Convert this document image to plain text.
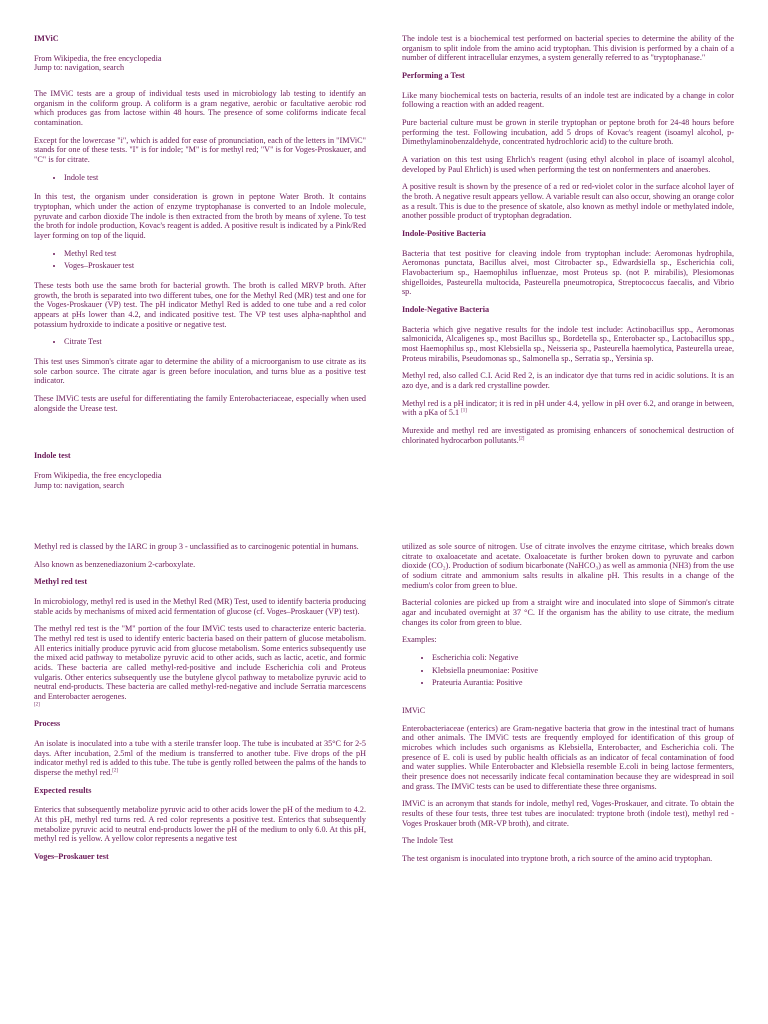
IMViC

From Wikipedia, the free encyclopedia
Jump to: navigation, search

The IMViC tests are a group of individual tests used in microbiology lab testing to identify an organism in the coliform group. A coliform is a gram negative, aerobic or facultative aerobic rod which produces gas from lactose within 48 hours. The presence of some coliforms indicate fecal contamination.

Except for the lowercase "i", which is added for ease of pronunciation, each of the letters in "IMViC" stands for one of these tests. "I" is for indole; "M" is for methyl red; "V" is for Voges-Proskauer, and "C" is for citrate.

• Indole test

In this test, the organism under consideration is grown in peptone Water Broth. It contains tryptophan, which under the action of enzyme tryptophanase is converted to an Indole molecule, pyruvate and carbon dioxide The indole is then extracted from the broth by means of xylene. To test the broth for indole production, Kovac's reagent is added. A positive result is indicated by a Pink/Red layer forming on top of the liquid.

• Methyl Red test
• Voges–Proskauer test

These tests both use the same broth for bacterial growth. The broth is called MRVP broth. After growth, the broth is separated into two different tubes, one for the Methyl Red (MR) test and one for the Voges-Proskauer (VP) test. The pH indicator Methyl Red is added to one tube and a red color appears at pHs lower than 4.2, and indicated positive test. The VP test uses alpha-naphthol and potassium hydroxide to indicate a positive or negative test.

• Citrate Test

This test uses Simmon's citrate agar to determine the ability of a microorganism to use citrate as its sole carbon source. The citrate agar is green before inoculation, and turns blue as a positive test indicator.

These IMViC tests are useful for differentiating the family Enterobacteriaceae, especially when used alongside the Urease test.

Indole test

From Wikipedia, the free encyclopedia
Jump to: navigation, search

The indole test is a biochemical test performed on bacterial species to determine the ability of the organism to split indole from the amino acid tryptophan. This division is performed by a chain of a number of different intracellular enzymes, a system generally referred to as "tryptophanase."

Performing a Test

Like many biochemical tests on bacteria, results of an indole test are indicated by a change in color following a reaction with an added reagent.

Pure bacterial culture must be grown in sterile tryptophan or peptone broth for 24-48 hours before performing the test. Following incubation, add 5 drops of Kovac's reagent (isoamyl alcohol, p-Dimethylaminobenzaldehyde, concentrated hydrochloric acid) to the culture broth.

A variation on this test using Ehrlich's reagent (using ethyl alcohol in place of isoamyl alcohol, developed by Paul Ehrlich) is used when performing the test on nonfermenters and anaerobes.

A positive result is shown by the presence of a red or red-violet color in the surface alcohol layer of the broth. A negative result appears yellow. A variable result can also occur, showing an orange color as a result. This is due to the presence of skatole, also known as methyl indole or methylated indole, another possible product of tryptophan degradation.

Indole-Positive Bacteria

Bacteria that test positive for cleaving indole from tryptophan include: Aeromonas hydrophila, Aeromonas punctata, Bacillus alvei, most Citrobacter sp., Edwardsiella sp., Escherichia coli, Flavobacterium sp., Haemophilus influenzae, most Proteus sp. (not P. mirabilis), Plesiomonas shigelloides, Pasteurella multocida, Pasteurella pneumotropica, Streptococcus faecalis, and Vibrio sp.

Indole-Negative Bacteria

Bacteria which give negative results for the indole test include: Actinobacillus spp., Aeromonas salmonicida, Alcaligenes sp., most Bacillus sp., Bordetella sp., Enterobacter sp., Lactobacillus spp., most Haemophilus sp., most Klebsiella sp., Neisseria sp., Pasteurella haemolytica, Pasteurella ureae, Proteus mirabilis, Pseudomonas sp., Salmonella sp., Serratia sp., Yersinia sp.

Methyl red, also called C.I. Acid Red 2, is an indicator dye that turns red in acidic solutions. It is an azo dye, and is a dark red crystalline powder.

Methyl red is a pH indicator; it is red in pH under 4.4, yellow in pH over 6.2, and orange in between, with a pKa of 5.1 [1]

Murexide and methyl red are investigated as promising enhancers of sonochemical destruction of chlorinated hydrocarbon pollutants.[2]

Methyl red is classed by the IARC in group 3 - unclassified as to carcinogenic potential in humans.

Also known as benzenediazonium 2-carboxylate.

Methyl red test

In microbiology, methyl red is used in the Methyl Red (MR) Test, used to identify bacteria producing stable acids by mechanisms of mixed acid fermentation of glucose (cf. Voges–Proskauer (VP) test).

The methyl red test is the "M" portion of the four IMViC tests used to characterize enteric bacteria. The methyl red test is used to identify enteric bacteria based on their pattern of glucose metabolism. All enterics initially produce pyruvic acid from glucose metabolism. Some enterics subsequently use the mixed acid pathway to metabolize pyruvic acid to other acids, such as lactic, acetic, and formic acids. These bacteria are called methyl-red-positive and include Escherichia coli and Proteus vulgaris. Other enterics subsequently use the butylene glycol pathway to metabolize pyruvic acid to neutral end-products. These bacteria are called methyl-red-negative and include Serratia marcescens and Enterobacter aerogenes.
[2]

Process

An isolate is inoculated into a tube with a sterile transfer loop. The tube is incubated at 35°C for 2-5 days. After incubation, 2.5ml of the medium is transferred to another tube. Five drops of the pH indicator methyl red is added to this tube. The tube is gently rolled between the palms of the hands to disperse the methyl red.[2]

Expected results

Enterics that subsequently metabolize pyruvic acid to other acids lower the pH of the medium to 4.2. At this pH, methyl red turns red. A red color represents a positive test. Enterics that subsequently metabolize pyruvic acid to neutral end-products lower the pH of the medium to only 6.0. At this pH, methyl red is yellow. A yellow color represents a negative test

Voges–Proskauer test

utilized as sole source of nitrogen. Use of citrate involves the enzyme citritase, which breaks down citrate to oxaloacetate and acetate. Oxaloacetate is further broken down to pyruvate and carbon dioxide (CO₂). Production of sodium bicarbonate (NaHCO₃) as well as ammonia (NH3) from the use of sodium citrate and ammonium salts results in alkaline pH. This results in a change of the medium's color from green to blue.

Bacterial colonies are picked up from a straight wire and inoculated into slope of Simmon's citrate agar and incubated overnight at 37 °C. If the organism has the ability to use citrate, the medium changes its color from green to blue.

Examples:

• Escherichia coli: Negative
• Klebsiella pneumoniae: Positive
• Prateuria Aurantia: Positive

IMViC

Enterobacteriaceae (enterics) are Gram-negative bacteria that grow in the intestinal tract of humans and other animals. The IMViC tests are frequently employed for identification of this group of microbes which includes such organisms as Klebsiella, Enterobacter, and Escherichia coli. The presence of E. coli is used by public health officials as an indicator of fecal contamination of food and water supplies. While Enterobacter and Klebsiella resemble E.coli in being lactose fermenters, their presence does not necessarily indicate fecal contamination because they are widespread in soil and grass. The IMViC tests can be used to differentiate these three organisms.

IMViC is an acronym that stands for indole, methyl red, Voges-Proskauer, and citrate. To obtain the results of these four tests, three test tubes are inoculated: tryptone broth (indole test), methyl red - Voges Proskauer broth (MR-VP broth), and citrate.

The Indole Test

The test organism is inoculated into tryptone broth, a rich source of the amino acid tryptophan.
